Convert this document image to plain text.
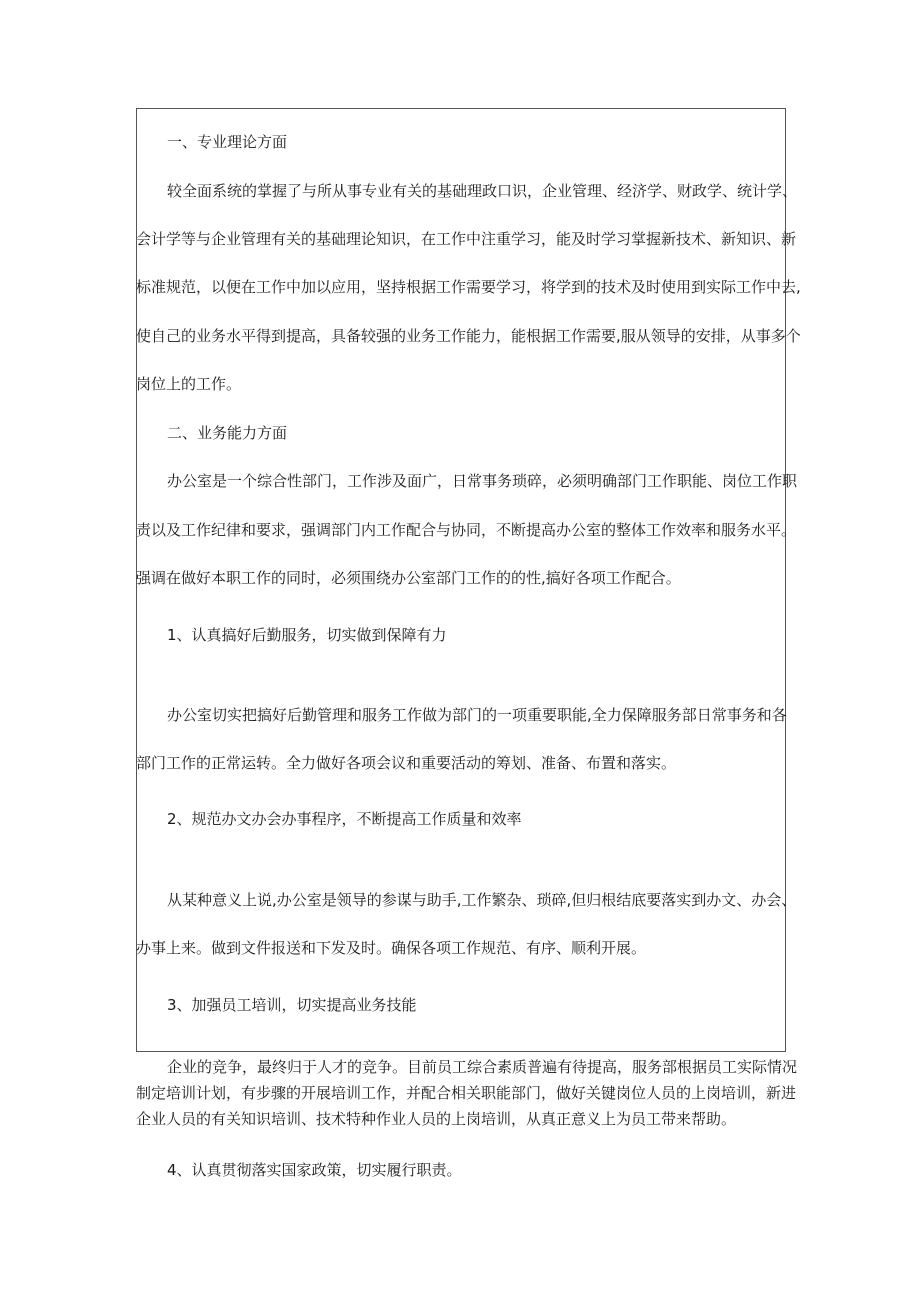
一、专业理论方面
较全面系统的掌握了与所从事专业有关的基础理政口识，企业管理、经济学、财政学、统计学、
会计学等与企业管理有关的基础理论知识，在工作中注重学习，能及时学习掌握新技术、新知识、新
标准规范，以便在工作中加以应用，坚持根据工作需要学习，将学到的技术及时使用到实际工作中去,
使自己的业务水平得到提高，具备较强的业务工作能力，能根据工作需要,服从领导的安排，从事多个
岗位上的工作。
二、业务能力方面
办公室是一个综合性部门，工作涉及面广，日常事务琐碎，必须明确部门工作职能、岗位工作职
责以及工作纪律和要求，强调部门内工作配合与协同，不断提高办公室的整体工作效率和服务水平。
强调在做好本职工作的同时，必须围绕办公室部门工作的的性,搞好各项工作配合。
1、认真搞好后勤服务，切实做到保障有力
办公室切实把搞好后勤管理和服务工作做为部门的一项重要职能,全力保障服务部日常事务和各
部门工作的正常运转。全力做好各项会议和重要活动的筹划、准备、布置和落实。
2、规范办文办会办事程序，不断提高工作质量和效率
从某种意义上说,办公室是领导的参谋与助手,工作繁杂、琐碎,但归根结底要落实到办文、办会、
办事上来。做到文件报送和下发及时。确保各项工作规范、有序、顺利开展。
3、加强员工培训，切实提高业务技能
企业的竞争，最终归于人才的竞争。目前员工综合素质普遍有待提高，服务部根据员工实际情况
制定培训计划，有步骤的开展培训工作，并配合相关职能部门，做好关键岗位人员的上岗培训，新进
企业人员的有关知识培训、技术特种作业人员的上岗培训，从真正意义上为员工带来帮助。
4、认真贯彻落实国家政策，切实履行职责。
